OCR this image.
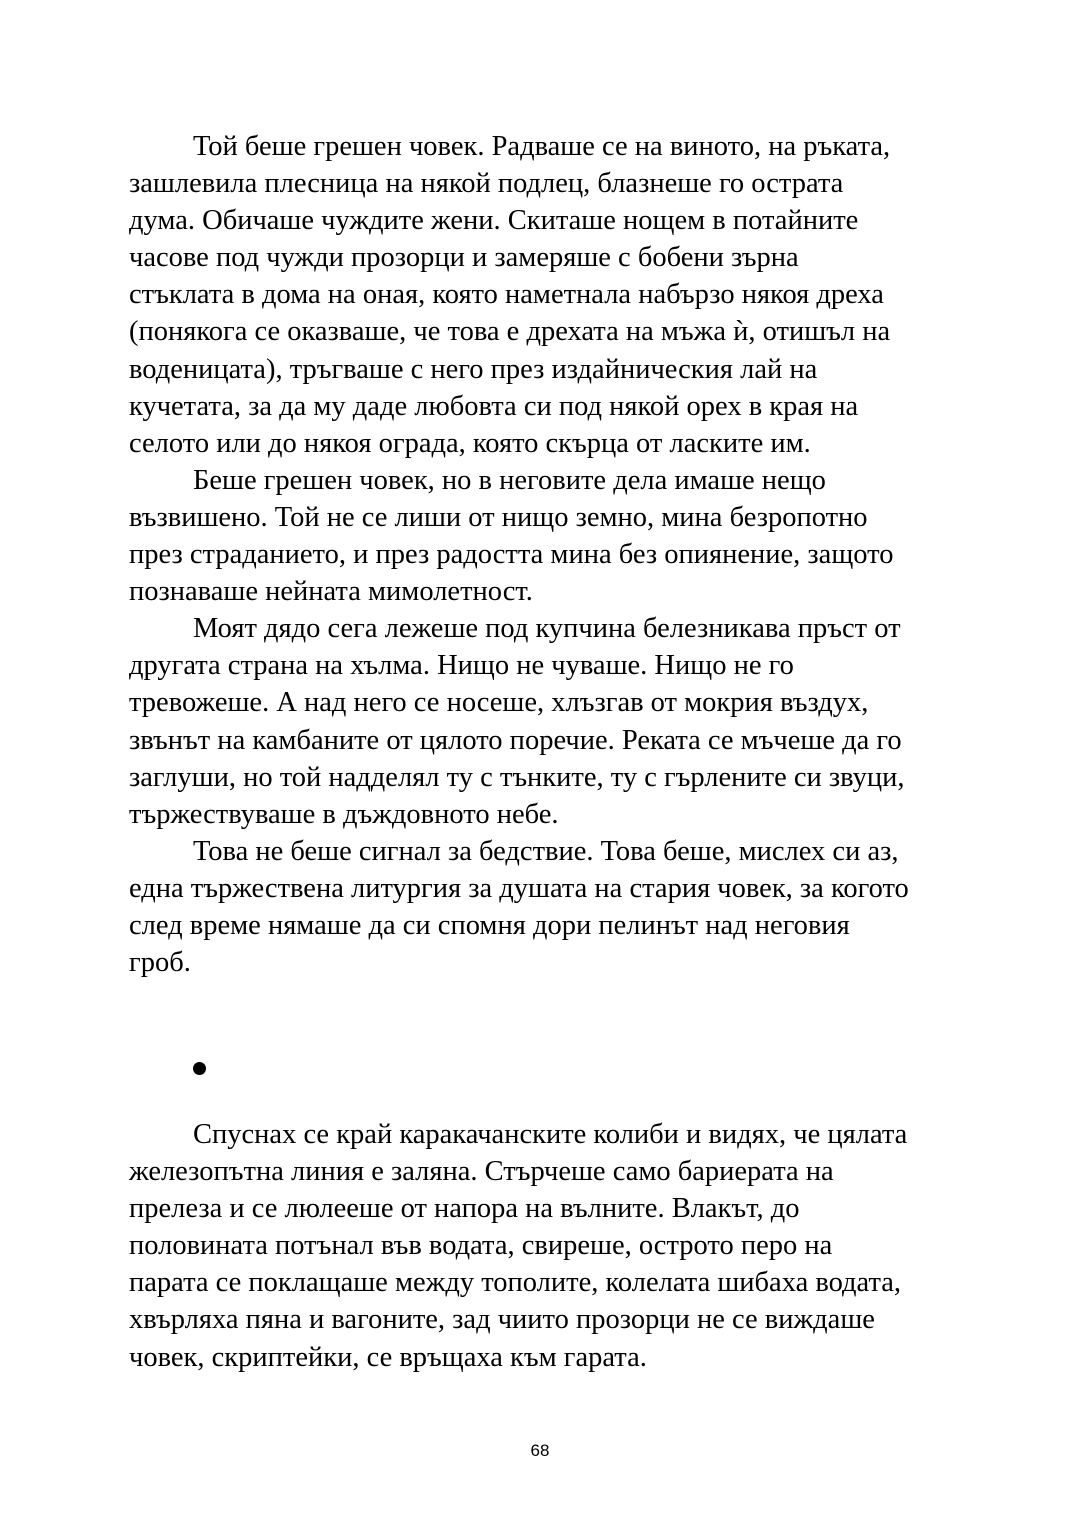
Той беше грешен човек. Радваше се на виното, на ръката,
зашлевила плесница на някой подлец, блазнеше го острата
дума. Обичаше чуждите жени. Скиташе нощем в потайните
часове под чужди прозорци и замеряше с бобени зърна
стъклата в дома на оная, която наметнала набързо някоя дреха
(понякога се оказваше, че това е дрехата на мъжа ѝ, отишъл на
воденицата), тръгваше с него през издайническия лай на
кучетата, за да му даде любовта си под някой орех в края на
селото или до някоя ограда, която скърца от ласките им.
Беше грешен човек, но в неговите дела имаше нещо
възвишено. Той не се лиши от нищо земно, мина безропотно
през страданието, и през радостта мина без опиянение, защото
познаваше нейната мимолетност.
Моят дядо сега лежеше под купчина белезникава пръст от
другата страна на хълма. Нищо не чуваше. Нищо не го
тревожеше. А над него се носеше, хлъзгав от мокрия въздух,
звънът на камбаните от цялото поречие. Реката се мъчеше да го
заглуши, но той надделял ту с тънките, ту с гърлените си звуци,
тържествуваше в дъждовното небе.
Това не беше сигнал за бедствие. Това беше, мислех си аз,
една тържествена литургия за душата на стария човек, за когото
след време нямаше да си спомня дори пелинът над неговия
гроб.
Спуснах се край каракачанските колиби и видях, че цялата
железопътна линия е заляна. Стърчеше само бариерата на
прелеза и се люлееше от напора на вълните. Влакът, до
половината потънал във водата, свиреше, острото перо на
парата се поклащаше между тополите, колелата шибаха водата,
хвърляха пяна и вагоните, зад чиито прозорци не се виждаше
човек, скриптейки, се връщаха към гарата.
68
